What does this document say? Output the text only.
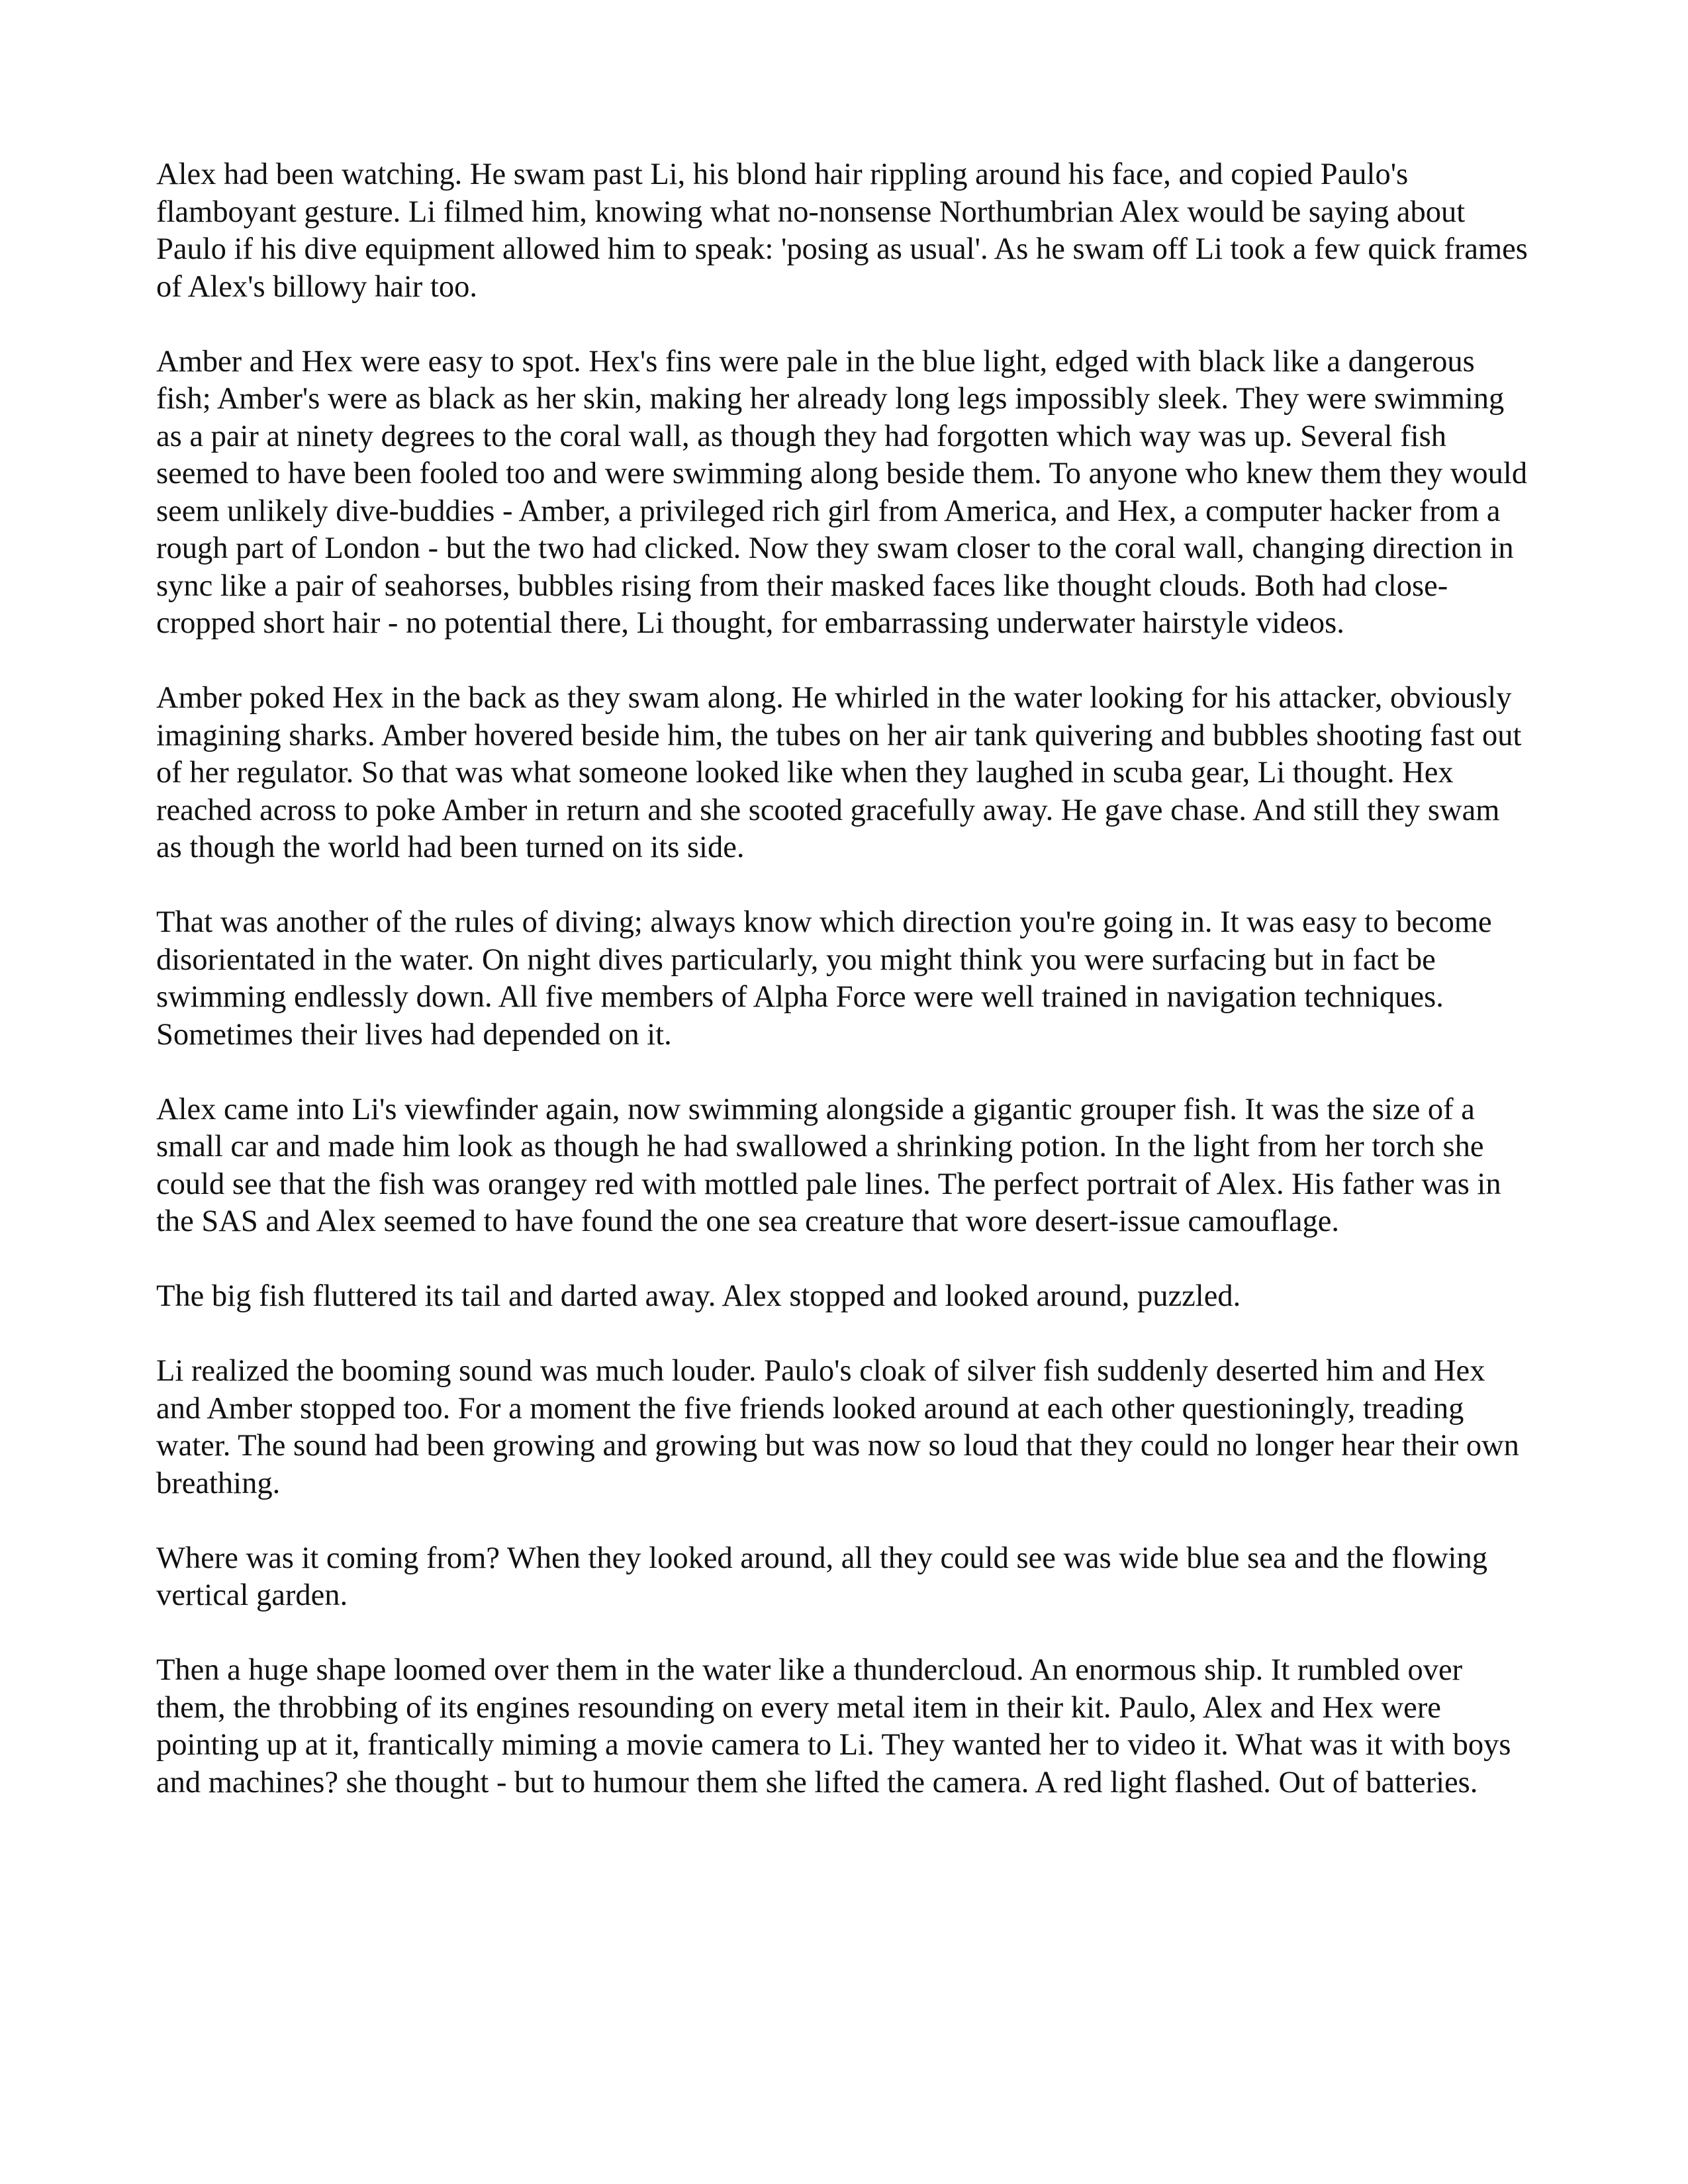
Alex had been watching. He swam past Li, his blond hair rippling around his face, and copied Paulo's flamboyant gesture. Li filmed him, knowing what no-nonsense Northumbrian Alex would be saying about Paulo if his dive equipment allowed him to speak: 'posing as usual'. As he swam off Li took a few quick frames of Alex's billowy hair too.

Amber and Hex were easy to spot. Hex's fins were pale in the blue light, edged with black like a dangerous fish; Amber's were as black as her skin, making her already long legs impossibly sleek. They were swimming as a pair at ninety degrees to the coral wall, as though they had forgotten which way was up. Several fish seemed to have been fooled too and were swimming along beside them. To anyone who knew them they would seem unlikely dive-buddies - Amber, a privileged rich girl from America, and Hex, a computer hacker from a rough part of London - but the two had clicked. Now they swam closer to the coral wall, changing direction in sync like a pair of seahorses, bubbles rising from their masked faces like thought clouds. Both had close-cropped short hair - no potential there, Li thought, for embarrassing underwater hairstyle videos.

Amber poked Hex in the back as they swam along. He whirled in the water looking for his attacker, obviously imagining sharks. Amber hovered beside him, the tubes on her air tank quivering and bubbles shooting fast out of her regulator. So that was what someone looked like when they laughed in scuba gear, Li thought. Hex reached across to poke Amber in return and she scooted gracefully away. He gave chase. And still they swam as though the world had been turned on its side.

That was another of the rules of diving; always know which direction you're going in. It was easy to become disorientated in the water. On night dives particularly, you might think you were surfacing but in fact be swimming endlessly down. All five members of Alpha Force were well trained in navigation techniques. Sometimes their lives had depended on it.

Alex came into Li's viewfinder again, now swimming alongside a gigantic grouper fish. It was the size of a small car and made him look as though he had swallowed a shrinking potion. In the light from her torch she could see that the fish was orangey red with mottled pale lines. The perfect portrait of Alex. His father was in the SAS and Alex seemed to have found the one sea creature that wore desert-issue camouflage.

The big fish fluttered its tail and darted away. Alex stopped and looked around, puzzled.

Li realized the booming sound was much louder. Paulo's cloak of silver fish suddenly deserted him and Hex and Amber stopped too. For a moment the five friends looked around at each other questioningly, treading water. The sound had been growing and growing but was now so loud that they could no longer hear their own breathing.

Where was it coming from? When they looked around, all they could see was wide blue sea and the flowing vertical garden.

Then a huge shape loomed over them in the water like a thundercloud. An enormous ship. It rumbled over them, the throbbing of its engines resounding on every metal item in their kit. Paulo, Alex and Hex were pointing up at it, frantically miming a movie camera to Li. They wanted her to video it. What was it with boys and machines? she thought - but to humour them she lifted the camera. A red light flashed. Out of batteries.
